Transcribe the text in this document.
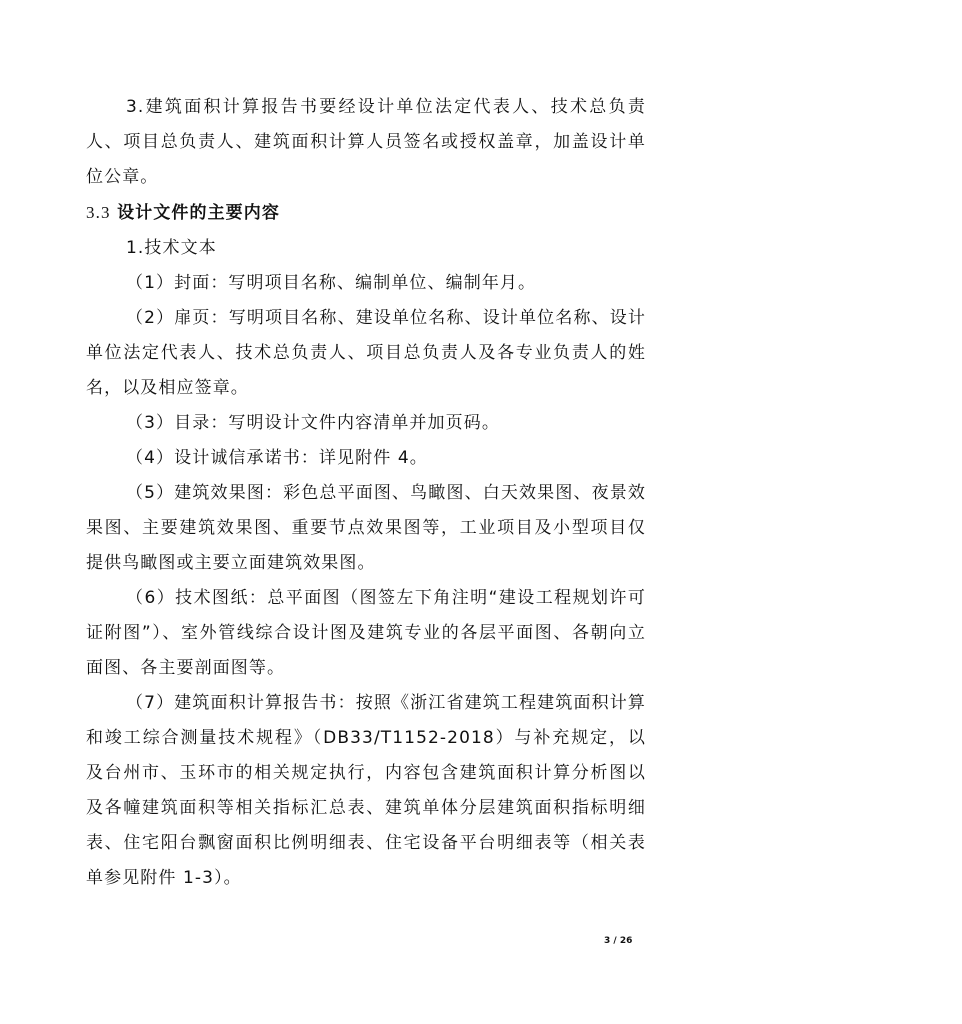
3.建筑面积计算报告书要经设计单位法定代表人、技术总负责人、项目总负责人、建筑面积计算人员签名或授权盖章，加盖设计单位公章。

3.3 设计文件的主要内容

1.技术文本

（1）封面：写明项目名称、编制单位、编制年月。

（2）扉页：写明项目名称、建设单位名称、设计单位名称、设计单位法定代表人、技术总负责人、项目总负责人及各专业负责人的姓名，以及相应签章。

（3）目录：写明设计文件内容清单并加页码。

（4）设计诚信承诺书：详见附件 4。

（5）建筑效果图：彩色总平面图、鸟瞰图、白天效果图、夜景效果图、主要建筑效果图、重要节点效果图等，工业项目及小型项目仅提供鸟瞰图或主要立面建筑效果图。

（6）技术图纸：总平面图（图签左下角注明“建设工程规划许可证附图”）、室外管线综合设计图及建筑专业的各层平面图、各朝向立面图、各主要剖面图等。

（7）建筑面积计算报告书：按照《浙江省建筑工程建筑面积计算和竣工综合测量技术规程》（DB33/T1152-2018）与补充规定，以及台州市、玉环市的相关规定执行，内容包含建筑面积计算分析图以及各幢建筑面积等相关指标汇总表、建筑单体分层建筑面积指标明细表、住宅阳台飘窗面积比例明细表、住宅设备平台明细表等（相关表单参见附件 1-3）。

3 / 26
